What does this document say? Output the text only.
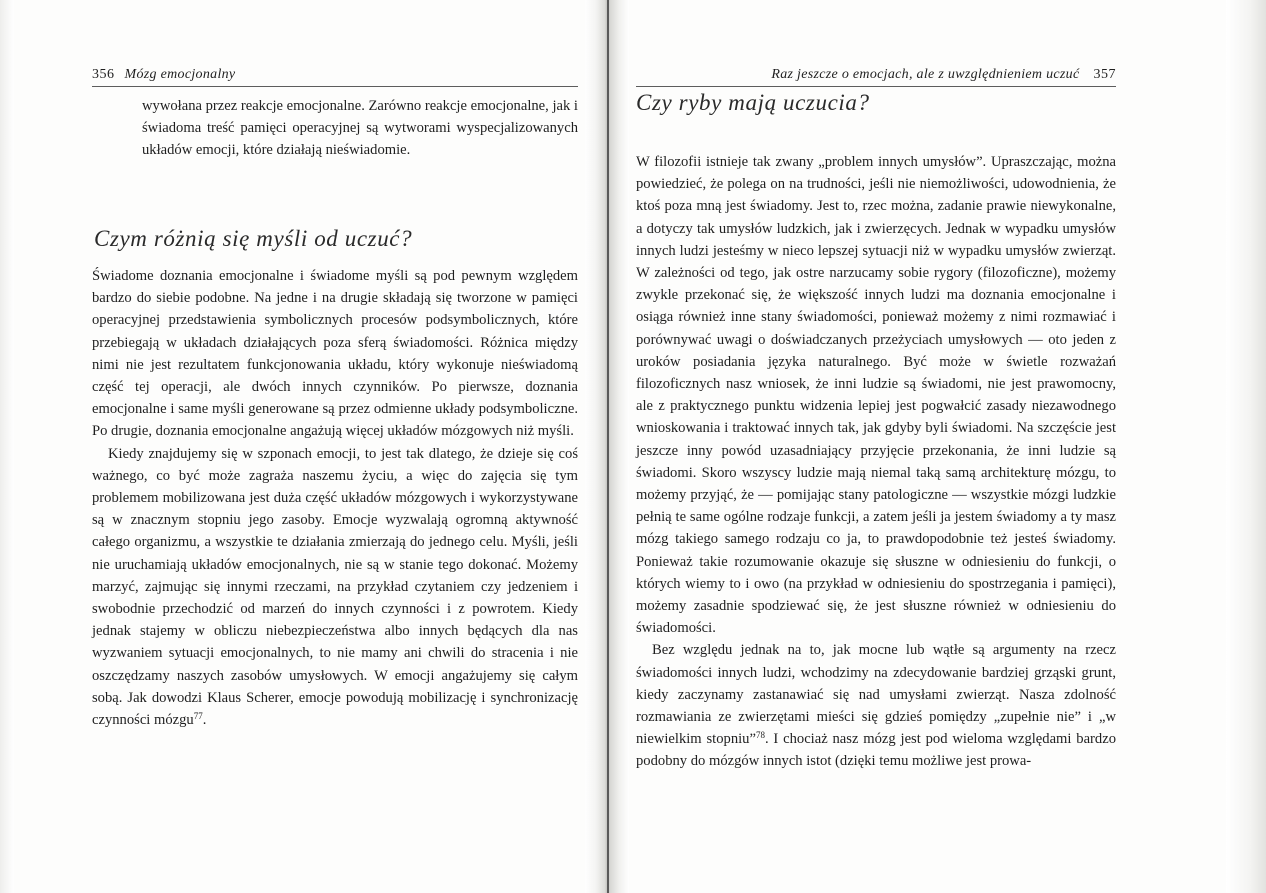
356 Mózg emocjonalny

wywołana przez reakcje emocjonalne. Zarówno reakcje emocjonalne, jak i świadoma treść pamięci operacyjnej są wytworami wyspecjalizowanych układów emocji, które działają nieświadomie.

Czym różnią się myśli od uczuć?

Świadome doznania emocjonalne i świadome myśli są pod pewnym względem bardzo do siebie podobne. Na jedne i na drugie składają się tworzone w pamięci operacyjnej przedstawienia symbolicznych procesów podsymbolicznych, które przebiegają w układach działających poza sferą świadomości. Różnica między nimi nie jest rezultatem funkcjonowania układu, który wykonuje nieświadomą część tej operacji, ale dwóch innych czynników. Po pierwsze, doznania emocjonalne i same myśli generowane są przez odmienne układy podsymboliczne. Po drugie, doznania emocjonalne angażują więcej układów mózgowych niż myśli.

Kiedy znajdujemy się w szponach emocji, to jest tak dlatego, że dzieje się coś ważnego, co być może zagraża naszemu życiu, a więc do zajęcia się tym problemem mobilizowana jest duża część układów mózgowych i wykorzystywane są w znacznym stopniu jego zasoby. Emocje wyzwalają ogromną aktywność całego organizmu, a wszystkie te działania zmierzają do jednego celu. Myśli, jeśli nie uruchamiają układów emocjonalnych, nie są w stanie tego dokonać. Możemy marzyć, zajmując się innymi rzeczami, na przykład czytaniem czy jedzeniem i swobodnie przechodzić od marzeń do innych czynności i z powrotem. Kiedy jednak stajemy w obliczu niebezpieczeństwa albo innych będących dla nas wyzwaniem sytuacji emocjonalnych, to nie mamy ani chwili do stracenia i nie oszczędzamy naszych zasobów umysłowych. W emocji angażujemy się całym sobą. Jak dowodzi Klaus Scherer, emocje powodują mobilizację i synchronizację czynności mózgu$^{77}$.

Raz jeszcze o emocjach, ale z uwzględnieniem uczuć 357
Czy ryby mają uczucia?

W filozofii istnieje tak zwany „problem innych umysłów”. Upraszczając, można powiedzieć, że polega on na trudności, jeśli nie niemożliwości, udowodnienia, że ktoś poza mną jest świadomy. Jest to, rzec można, zadanie prawie niewykonalne, a dotyczy tak umysłów ludzkich, jak i zwierzęcych. Jednak w wypadku umysłów innych ludzi jesteśmy w nieco lepszej sytuacji niż w wypadku umysłów zwierząt. W zależności od tego, jak ostre narzucamy sobie rygory (filozoficzne), możemy zwykle przekonać się, że większość innych ludzi ma doznania emocjonalne i osiąga również inne stany świadomości, ponieważ możemy z nimi rozmawiać i porównywać uwagi o doświadczanych przeżyciach umysłowych — oto jeden z uroków posiadania języka naturalnego. Być może w świetle rozważań filozoficznych nasz wniosek, że inni ludzie są świadomi, nie jest prawomocny, ale z praktycznego punktu widzenia lepiej jest pogwałcić zasady niezawodnego wnioskowania i traktować innych tak, jak gdyby byli świadomi. Na szczęście jest jeszcze inny powód uzasadniający przyjęcie przekonania, że inni ludzie są świadomi. Skoro wszyscy ludzie mają niemal taką samą architekturę mózgu, to możemy przyjąć, że — pomijając stany patologiczne — wszystkie mózgi ludzkie pełnią te same ogólne rodzaje funkcji, a zatem jeśli ja jestem świadomy a ty masz mózg takiego samego rodzaju co ja, to prawdopodobnie też jesteś świadomy. Ponieważ takie rozumowanie okazuje się słuszne w odniesieniu do funkcji, o których wiemy to i owo (na przykład w odniesieniu do spostrzegania i pamięci), możemy zasadnie spodziewać się, że jest słuszne również w odniesieniu do świadomości.

Bez względu jednak na to, jak mocne lub wątłe są argumenty na rzecz świadomości innych ludzi, wchodzimy na zdecydowanie bardziej grząski grunt, kiedy zaczynamy zastanawiać się nad umysłami zwierząt. Nasza zdolność rozmawiania ze zwierzętami mieści się gdzieś pomiędzy „zupełnie nie” i „w niewielkim stopniu”$^{78}$. I chociaż nasz mózg jest pod wieloma względami bardzo podobny do mózgów innych istot (dzięki temu możliwe jest prowa-
